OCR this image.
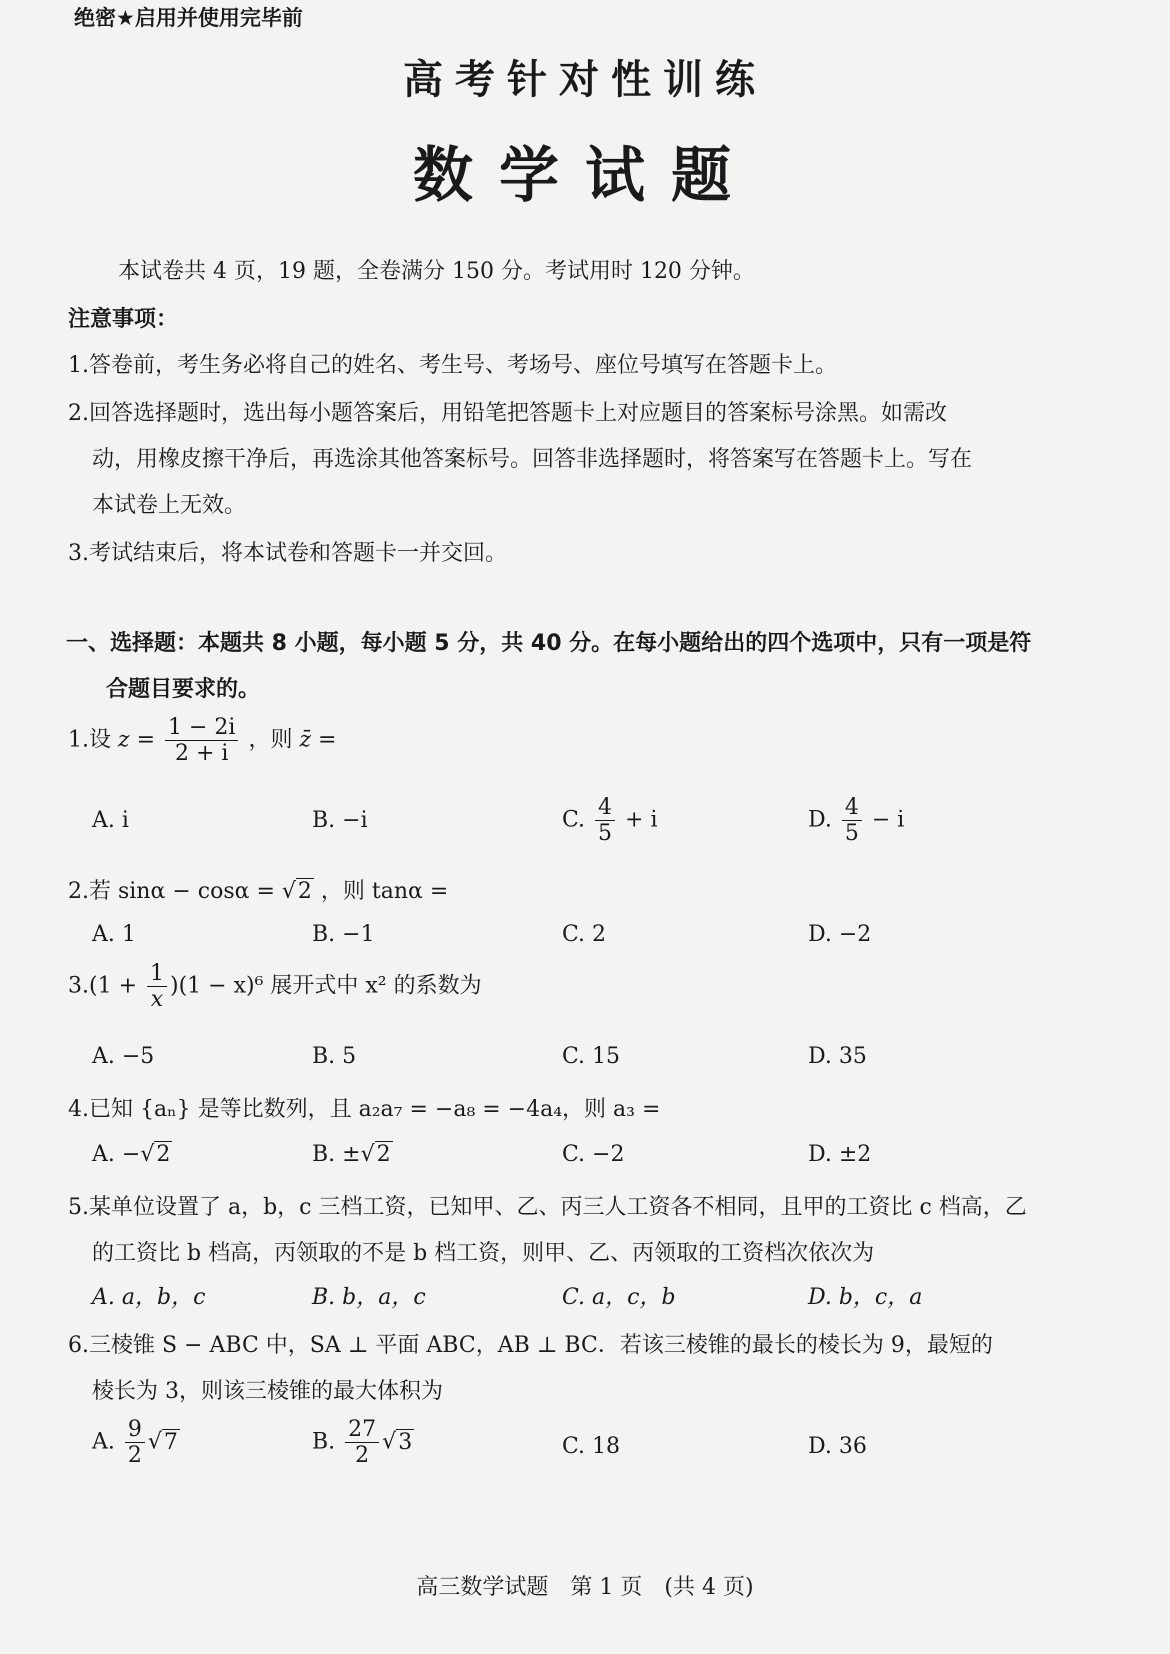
绝密★启用并使用完毕前
高考针对性训练
数学试题
本试卷共 4 页，19 题，全卷满分 150 分。考试用时 120 分钟。
注意事项：
1.答卷前，考生务必将自己的姓名、考生号、考场号、座位号填写在答题卡上。
2.回答选择题时，选出每小题答案后，用铅笔把答题卡上对应题目的答案标号涂黑。如需改
动，用橡皮擦干净后，再选涂其他答案标号。回答非选择题时，将答案写在答题卡上。写在
本试卷上无效。
3.考试结束后，将本试卷和答题卡一并交回。
一、选择题：本题共 8 小题，每小题 5 分，共 40 分。在每小题给出的四个选项中，只有一项是符
合题目要求的。
1.设 $z = \frac{1 - 2i}{2 + i}$ ，则 z̄ =
A. i	B. −i	C. $\frac{4}{5} + i$	D. $\frac{4}{5} - i$
2.若 sinα − cosα = √2 ，则 tanα =
A. 1	B. −1	C. 2	D. −2
$3.(1 + \frac{1}{x} )(1 - x)^6$ 展开式中 x² 的系数为
A. −5	B. 5	C. 15	D. 35
4.已知 {aₙ} 是等比数列，且 a₂a₇ = −a₈ = −4a₄，则 a₃ =
A. −√2	B. ±√2	C. −2	D. ±2
5.某单位设置了 a，b，c 三档工资，已知甲、乙、丙三人工资各不相同，且甲的工资比 c 档高，乙
的工资比 b 档高，丙领取的不是 b 档工资，则甲、乙、丙领取的工资档次依次为
A. a，b，c	B. b，a，c	C. a，c，b	D. b，c，a
6.三棱锥 S − ABC 中，SA ⊥ 平面 ABC，AB ⊥ BC．若该三棱锥的最长的棱长为 9，最短的
棱长为 3，则该三棱锥的最大体积为
A. $\frac{9}{2} √7$	B. $\frac{27}{2} √3$	C. 18	D. 36
高三数学试题　第 1 页　(共 4 页)
